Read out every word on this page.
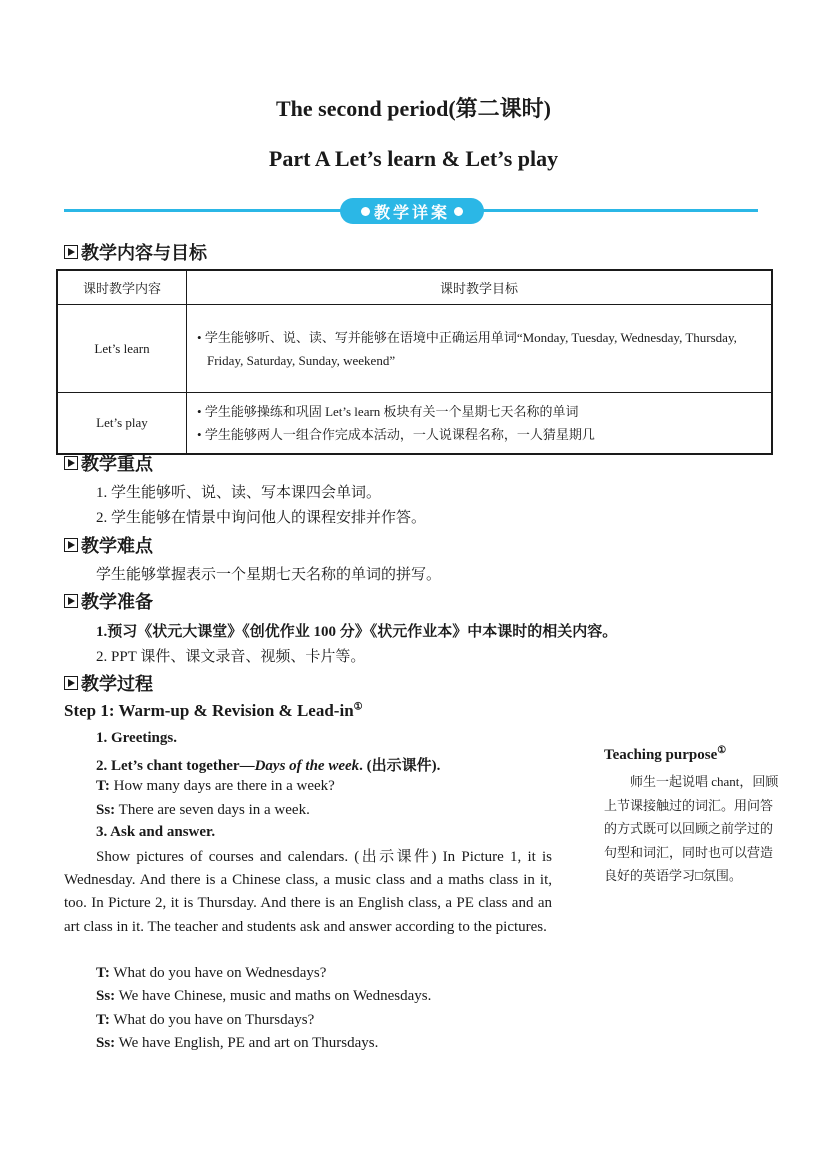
The second period(第二课时)
Part A Let’s learn & Let’s play
教学详案
教学内容与目标
课时教学内容	课时教学目标
Let’s learn	• 学生能够听、说、读、写并能够在语境中正确运用单词“Monday, Tuesday, Wednesday, Thursday, Friday, Saturday, Sunday, weekend”

Let’s play	• 学生能够操练和巩固 Let’s learn 板块有关一个星期七天名称的单词
• 学生能够两人一组合作完成本活动，一人说课程名称，一人猜星期几
教学重点
1. 学生能够听、说、读、写本课四会单词。
2. 学生能够在情景中询问他人的课程安排并作答。
教学难点
学生能够掌握表示一个星期七天名称的单词的拼写。
教学准备
1.预习《状元大课堂》《创优作业 100 分》《状元作业本》中本课时的相关内容。
2. PPT 课件、课文录音、视频、卡片等。
教学过程
Step 1: Warm-up & Revision & Lead-in①
1. Greetings.
2. Let’s chant together—Days of the week. (出示课件).
T: How many days are there in a week?
Ss: There are seven days in a week.
3. Ask and answer.
Show pictures of courses and calendars. (出示课件) In Picture 1, it is Wednesday. And there is a Chinese class, a music class and a maths class in it, too. In Picture 2, it is Thursday. And there is an English class, a PE class and an art class in it. The teacher and students ask and answer according to the pictures.
T: What do you have on Wednesdays?
Ss: We have Chinese, music and maths on Wednesdays.
T: What do you have on Thursdays?
Ss: We have English, PE and art on Thursdays.
Teaching purpose①
师生一起说唱 chant，回顾上节课接触过的词汇。用问答的方式既可以回顾之前学过的句型和词汇，同时也可以营造良好的英语学习□氛围。
